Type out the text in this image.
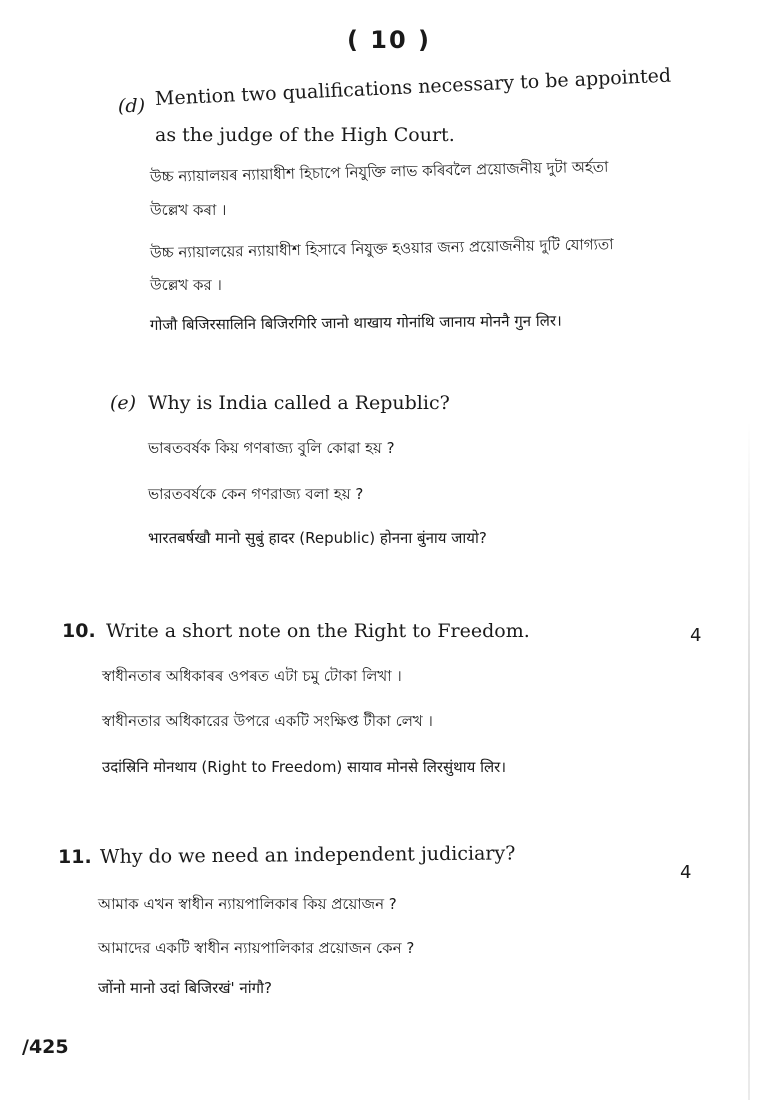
( 10 )
(d) Mention two qualifications necessary to be appointed
as the judge of the High Court.
উচ্চ ন্যায়ালয়ৰ ন্যায়াধীশ হিচাপে নিযুক্তি লাভ কৰিবলৈ প্ৰয়োজনীয় দুটা অৰ্হতা
উল্লেখ কৰা ।
উচ্চ ন্যায়ালয়ের ন্যায়াধীশ হিসাবে নিযুক্ত হওয়ার জন্য প্রয়োজনীয় দুটি যোগ্যতা
উল্লেখ কর ।
गोजौ बिजिरसालिनि बिजिरगिरि जानो थाखाय गोनांथि जानाय मोननै गुन लिर।
(e) Why is India called a Republic?
ভাৰতবৰ্ষক কিয় গণৰাজ্য বুলি কোৱা হয় ?
ভারতবর্ষকে কেন গণরাজ্য বলা হয় ?
भारतबर्षखौ मानो सुबुं हादर (Republic) होनना बुंनाय जायो?
10. Write a short note on the Right to Freedom.	4
স্বাধীনতাৰ অধিকাৰৰ ওপৰত এটা চমু টোকা লিখা ।
স্বাধীনতার অধিকারের উপরে একটি সংক্ষিপ্ত টীকা লেখ ।
उदांस्रिनि मोनथाय (Right to Freedom) सायाव मोनसे लिरसुंथाय लिर।
11. Why do we need an independent judiciary?
4
আমাক এখন স্বাধীন ন্যায়পালিকাৰ কিয় প্ৰয়োজন ?
আমাদের একটি স্বাধীন ন্যায়পালিকার প্রয়োজন কেন ?
जोंनो मानो उदां बिजिरखं' नांगौ?
/425
